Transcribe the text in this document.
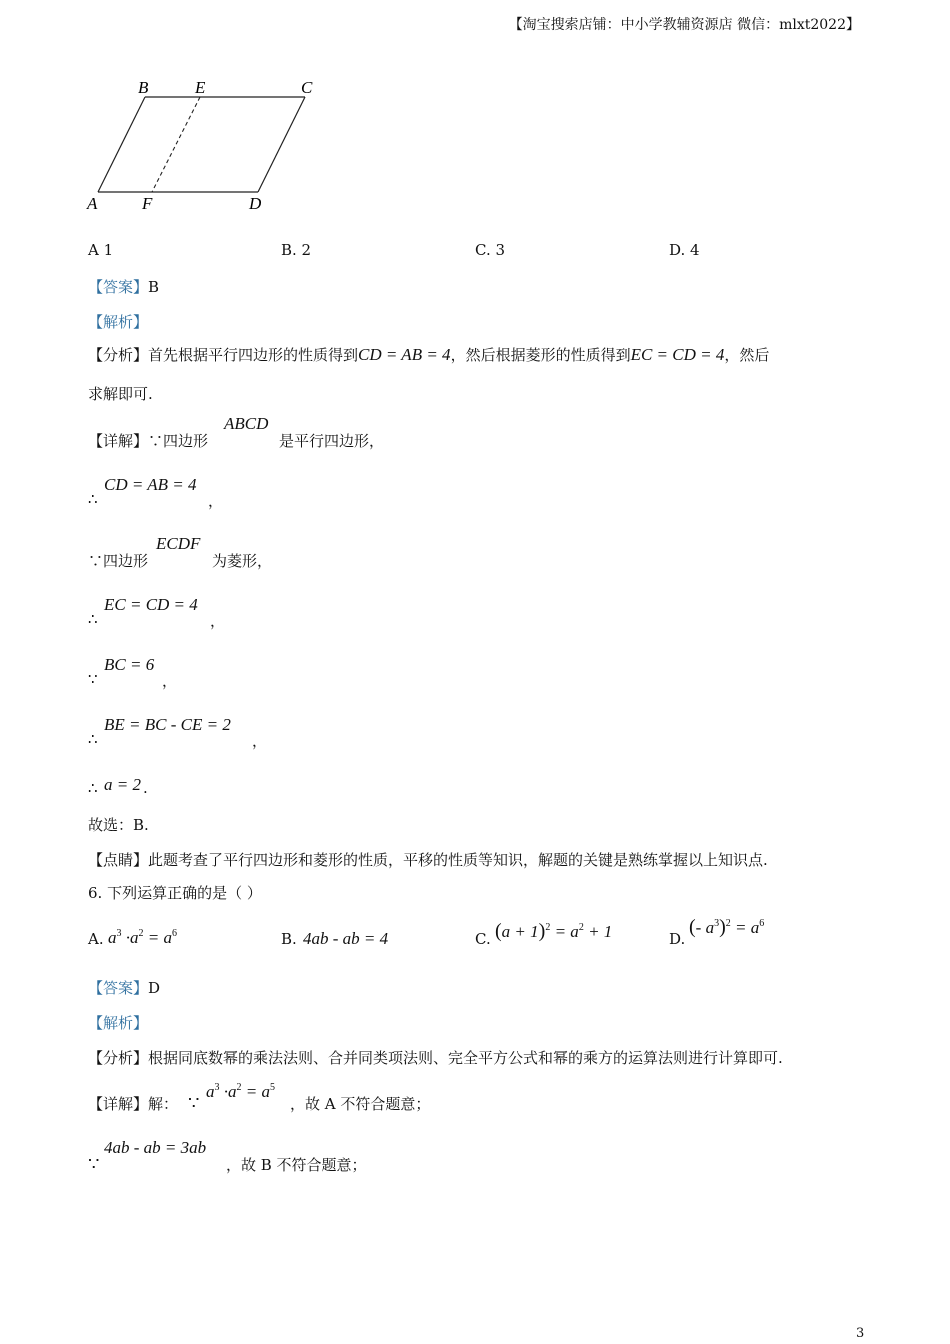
【淘宝搜索店铺：中小学教辅资源店 微信：mlxt2022】
B	E	C
A	F	D
A 1	B. 2	C. 3	D. 4
【答案】B
【解析】
【分析】首先根据平行四边形的性质得到CD = AB = 4，然后根据菱形的性质得到EC = CD = 4，然后
求解即可.
【详解】∵四边形
ABCD
是平行四边形，
∴
CD = AB = 4
，
∵四边形
ECDF
为菱形，
∴
EC = CD = 4
，
∵
BC = 6
，
∴
BE = BC - CE = 2
，
∴ a = 2 .
故选：B.
【点睛】此题考查了平行四边形和菱形的性质，平移的性质等知识，解题的关键是熟练掌握以上知识点.
6. 下列运算正确的是（ ）
A. $a^3 \cdot a^2 = a^6$	B. 4ab - ab = 4	C. $(a + 1)^2 = a^2 + 1$	D.
(- $a^3)^2 = a^6$
【答案】D
【解析】
【分析】根据同底数幂的乘法法则、合并同类项法则、完全平方公式和幂的乘方的运算法则进行计算即可.
【详解】解： ∵
$a^3 \cdot a^2 = a^5$
，故 A 不符合题意；
∵
4ab - ab = 3ab
，故 B 不符合题意；
3
